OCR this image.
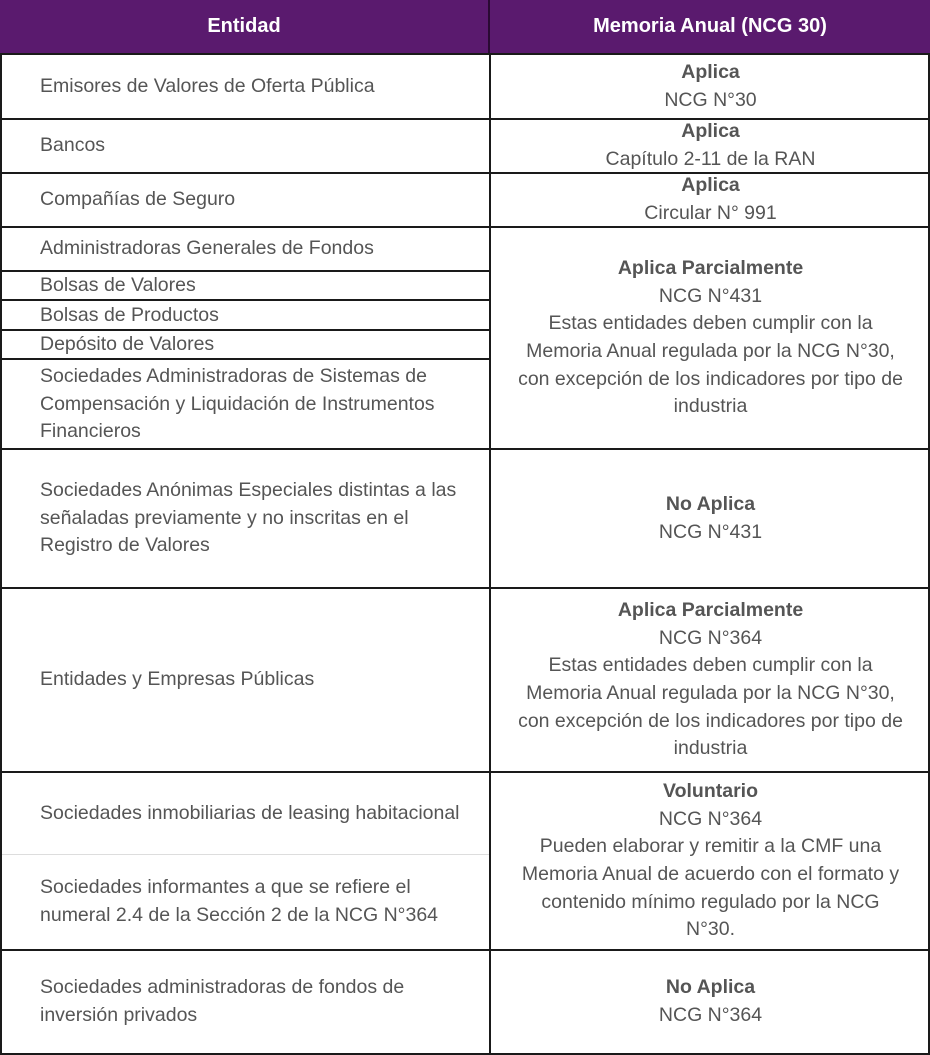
Entidad	Memoria Anual (NCG 30)
Emisores de Valores de Oferta Pública
Aplica
NCG N°30
Bancos
Aplica
Capítulo 2-11 de la RAN
Compañías de Seguro
Aplica
Circular N° 991
Administradoras Generales de Fondos
Bolsas de Valores
Bolsas de Productos
Depósito de Valores
Sociedades Administradoras de Sistemas de Compensación y Liquidación de Instrumentos Financieros
Aplica Parcialmente
NCG N°431
Estas entidades deben cumplir con la
Memoria Anual regulada por la NCG N°30,
con excepción de los indicadores por tipo de
industria
Sociedades Anónimas Especiales distintas a las señaladas previamente y no inscritas en el Registro de Valores
No Aplica
NCG N°431
Entidades y Empresas Públicas
Aplica Parcialmente
NCG N°364
Estas entidades deben cumplir con la
Memoria Anual regulada por la NCG N°30,
con excepción de los indicadores por tipo de
industria
Sociedades inmobiliarias de leasing habitacional
Sociedades informantes a que se refiere el numeral 2.4 de la Sección 2 de la NCG N°364
Voluntario
NCG N°364
Pueden elaborar y remitir a la CMF una
Memoria Anual de acuerdo con el formato y
contenido mínimo regulado por la NCG
N°30.
Sociedades administradoras de fondos de inversión privados
No Aplica
NCG N°364
